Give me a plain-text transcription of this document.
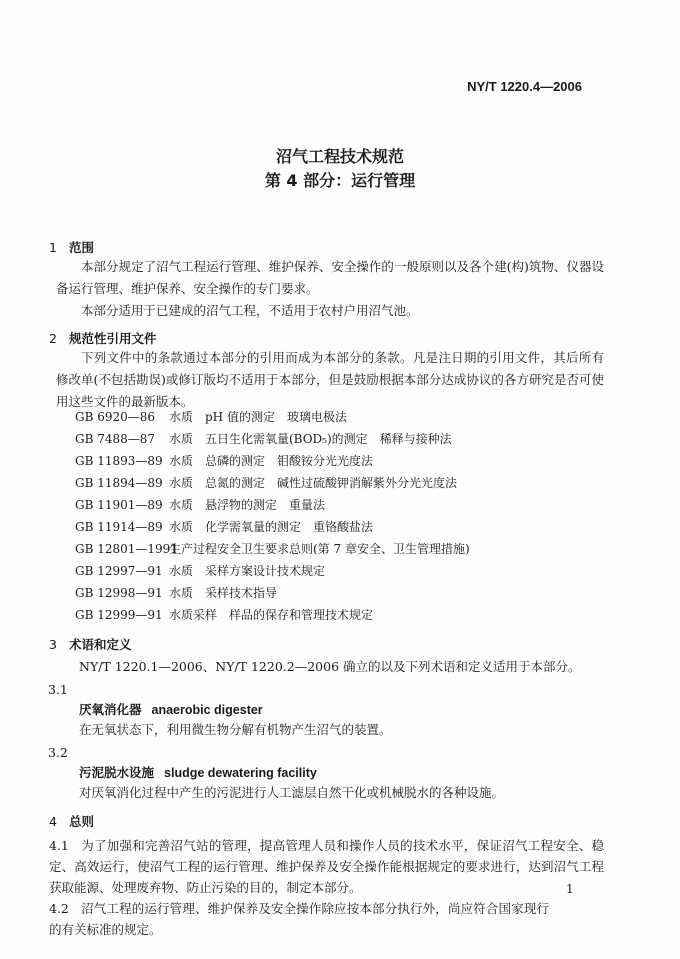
NY/T 1220.4—2006
沼气工程技术规范
第 4 部分：运行管理
1 范围

本部分规定了沼气工程运行管理、维护保养、安全操作的一般原则以及各个建(构)筑物、仪器设备运行管理、维护保养、安全操作的专门要求。

本部分适用于已建成的沼气工程，不适用于农村户用沼气池。

2 规范性引用文件

下列文件中的条款通过本部分的引用而成为本部分的条款。凡是注日期的引用文件，其后所有修改单(不包括勘误)或修订版均不适用于本部分，但是鼓励根据本部分达成协议的各方研究是否可使用这些文件的最新版本。

GB 6920—86 水质　pH 值的测定　玻璃电极法
GB 7488—87 水质　五日生化需氧量(BOD₅)的测定　稀释与接种法
GB 11893—89 水质　总磷的测定　钼酸铵分光光度法
GB 11894—89 水质　总氮的测定　碱性过硫酸钾消解紫外分光光度法
GB 11901—89 水质　悬浮物的测定　重量法
GB 11914—89 水质　化学需氧量的测定　重铬酸盐法
GB 12801—1991生产过程安全卫生要求总则(第 7 章安全、卫生管理措施)
GB 12997—91 水质　采样方案设计技术规定
GB 12998—91 水质　采样技术指导
GB 12999—91 水质采样　样品的保存和管理技术规定
3 术语和定义

NY/T 1220.1—2006、NY/T 1220.2—2006 确立的以及下列术语和定义适用于本部分。

3.1
厌氧消化器 anaerobic digester
在无氧状态下，利用微生物分解有机物产生沼气的装置。
3.2
污泥脱水设施 sludge dewatering facility
对厌氧消化过程中产生的污泥进行人工滤层自然干化或机械脱水的各种设施。
4 总则

4.1 为了加强和完善沼气站的管理，提高管理人员和操作人员的技术水平，保证沼气工程安全、稳定、高效运行，使沼气工程的运行管理、维护保养及安全操作能根据规定的要求进行，达到沼气工程获取能源、处理废弃物、防止污染的目的，制定本部分。

4.2 沼气工程的运行管理、维护保养及安全操作除应按本部分执行外，尚应符合国家现行的有关标准的规定。

1
